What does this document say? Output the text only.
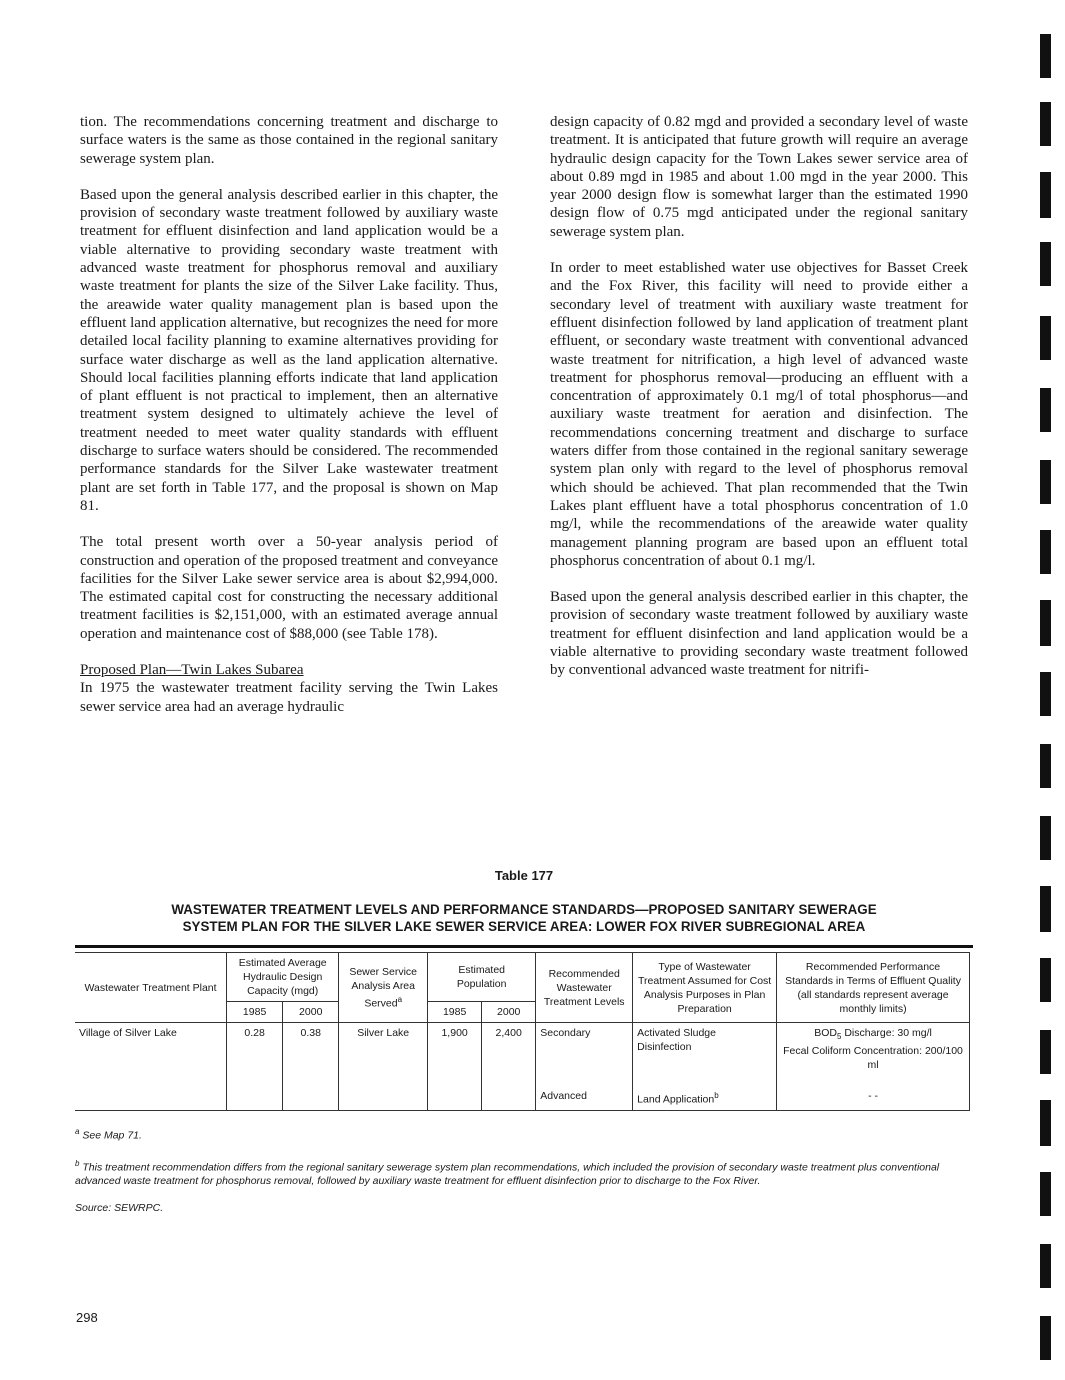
tion. The recommendations concerning treatment and discharge to surface waters is the same as those contained in the regional sanitary sewerage system plan.

Based upon the general analysis described earlier in this chapter, the provision of secondary waste treatment followed by auxiliary waste treatment for effluent disinfection and land application would be a viable alternative to providing secondary waste treatment with advanced waste treatment for phosphorus removal and auxiliary waste treatment for plants the size of the Silver Lake facility. Thus, the areawide water quality management plan is based upon the effluent land application alternative, but recognizes the need for more detailed local facility planning to examine alternatives providing for surface water discharge as well as the land application alternative. Should local facilities planning efforts indicate that land application of plant effluent is not practical to implement, then an alternative treatment system designed to ultimately achieve the level of treatment needed to meet water quality standards with effluent discharge to surface waters should be considered. The recommended performance standards for the Silver Lake wastewater treatment plant are set forth in Table 177, and the proposal is shown on Map 81.

The total present worth over a 50-year analysis period of construction and operation of the proposed treatment and conveyance facilities for the Silver Lake sewer service area is about $2,994,000. The estimated capital cost for constructing the necessary additional treatment facilities is $2,151,000, with an estimated average annual operation and maintenance cost of $88,000 (see Table 178).

Proposed Plan—Twin Lakes Subarea

In 1975 the wastewater treatment facility serving the Twin Lakes sewer service area had an average hydraulic

design capacity of 0.82 mgd and provided a secondary level of waste treatment. It is anticipated that future growth will require an average hydraulic design capacity for the Town Lakes sewer service area of about 0.89 mgd in 1985 and about 1.00 mgd in the year 2000. This year 2000 design flow is somewhat larger than the estimated 1990 design flow of 0.75 mgd anticipated under the regional sanitary sewerage system plan.

In order to meet established water use objectives for Basset Creek and the Fox River, this facility will need to provide either a secondary level of treatment with auxiliary waste treatment for effluent disinfection followed by land application of treatment plant effluent, or secondary waste treatment with conventional advanced waste treatment for nitrification, a high level of advanced waste treatment for phosphorus removal—producing an effluent with a concentration of approximately 0.1 mg/l of total phosphorus—and auxiliary waste treatment for aeration and disinfection. The recommendations concerning treatment and discharge to surface waters differ from those contained in the regional sanitary sewerage system plan only with regard to the level of phosphorus removal which should be achieved. That plan recommended that the Twin Lakes plant effluent have a total phosphorus concentration of 1.0 mg/l, while the recommendations of the areawide water quality management planning program are based upon an effluent total phosphorus concentration of about 0.1 mg/l.

Based upon the general analysis described earlier in this chapter, the provision of secondary waste treatment followed by auxiliary waste treatment for effluent disinfection and land application would be a viable alternative to providing secondary waste treatment followed by conventional advanced waste treatment for nitrifi-

Table 177
WASTEWATER TREATMENT LEVELS AND PERFORMANCE STANDARDS—PROPOSED SANITARY SEWERAGE
SYSTEM PLAN FOR THE SILVER LAKE SEWER SERVICE AREA: LOWER FOX RIVER SUBREGIONAL AREA
Wastewater Treatment Plant	Estimated Average Hydraulic Design Capacity (mgd)		Sewer Service Analysis Area Served$^a$	Estimated Population		Recommended Wastewater Treatment Levels	Type of Wastewater Treatment Assumed for Cost Analysis Purposes in Plan Preparation	Recommended Performance Standards in Terms of Effluent Quality
(all standards represent average monthly limits)

	1985	2000		1985	2000			
Village of Silver Lake	0.28	0.38	Silver Lake	1,900	2,400	Secondary	Activated Sludge Disinfection	$BOD_5$ Discharge: 30 mg/l
Fecal Coliform Concentration: 200/100 ml

						Advanced	Land Application$^b$	- -

$^a$ See Map 71.

$^b$ This treatment recommendation differs from the regional sanitary sewerage system plan recommendations, which included the provision of secondary waste treatment plus conventional advanced waste treatment for phosphorus removal, followed by auxiliary waste treatment for effluent disinfection prior to discharge to the Fox River.

Source: SEWRPC.

298
